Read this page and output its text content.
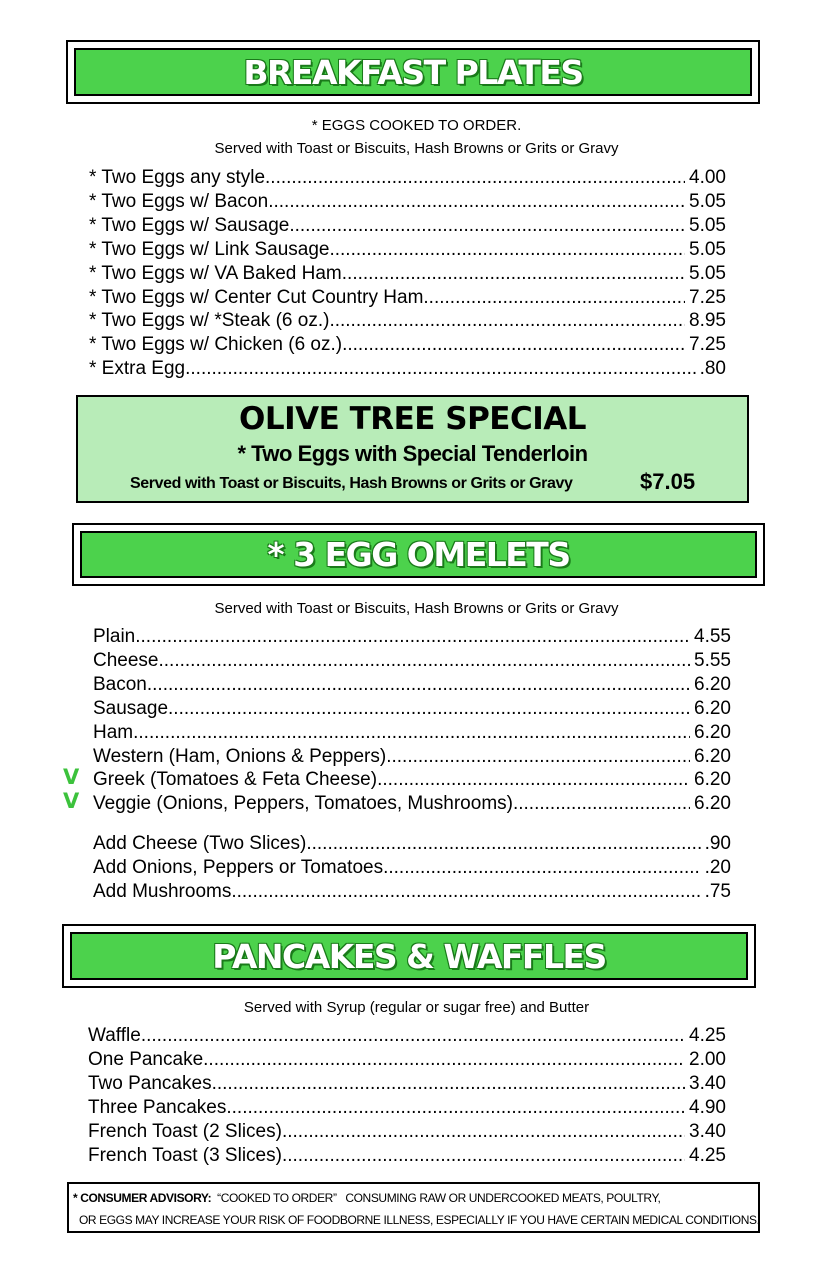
BREAKFAST PLATES
* EGGS COOKED TO ORDER.
Served with Toast or Biscuits, Hash Browns or Grits or Gravy
* Two Eggs any style .....	4.00
* Two Eggs w/ Bacon .....	5.05
* Two Eggs w/ Sausage .....	5.05
* Two Eggs w/ Link Sausage .....	5.05
* Two Eggs w/ VA Baked Ham .....	5.05
* Two Eggs w/ Center Cut Country Ham .....	7.25
* Two Eggs w/ *Steak (6 oz.) .....	8.95
* Two Eggs w/ Chicken (6 oz.) .....	7.25
* Extra Egg .....	.80
OLIVE TREE SPECIAL
* Two Eggs with Special Tenderloin
Served with Toast or Biscuits, Hash Browns or Grits or Gravy	$7.05
* 3 EGG OMELETS
Served with Toast or Biscuits, Hash Browns or Grits or Gravy
V
V
Plain .....	4.55
Cheese .....	5.55
Bacon .....	6.20
Sausage .....	6.20
Ham .....	6.20
Western (Ham, Onions & Peppers) .....	6.20
Greek (Tomatoes & Feta Cheese) .....	6.20
Veggie (Onions, Peppers, Tomatoes, Mushrooms) .....	6.20
Add Cheese (Two Slices) .....	.90
Add Onions, Peppers or Tomatoes .....	.20
Add Mushrooms .....	.75
PANCAKES & WAFFLES
Served with Syrup (regular or sugar free) and Butter
Waffle .....	4.25
One Pancake .....	2.00
Two Pancakes .....	3.40
Three Pancakes .....	4.90
French Toast (2 Slices) .....	3.40
French Toast (3 Slices) .....	4.25
* CONSUMER ADVISORY: “COOKED TO ORDER” CONSUMING RAW OR UNDERCOOKED MEATS, POULTRY,
OR EGGS MAY INCREASE YOUR RISK OF FOODBORNE ILLNESS, ESPECIALLY IF YOU HAVE CERTAIN MEDICAL CONDITIONS.
